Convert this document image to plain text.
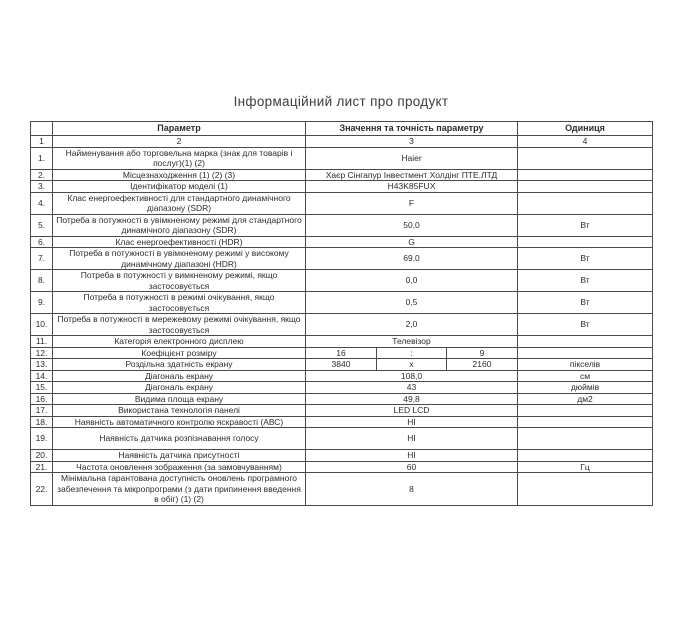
Інформаційний лист про продукт
	Параметр	Значення та точність параметру			Одиниця
1	2	3			4
1.	Найменування або торговельна марка (знак для товарів і послуг)(1) (2)	Haier			
2.	Місцезнаходження (1) (2) (3)	Хаєр Сінгапур Інвестмент Холдінг ПТЕ.ЛТД			
3.	Ідентифікатор моделі (1)	H43K85FUX			
4.	Клас енергоефективності для стандартного динамічного діапазону (SDR)	F			
5.	Потреба в потужності в увімкненому режимі для стандартного динамічного діапазону (SDR)	50,0			Вт
6.	Клас енергоефективності (HDR)	G			
7.	Потреба в потужності в увімкненому режимі у високому динамічному діапазоні (HDR)	69,0			Вт
8.	Потреба в потужності у вимкненому режимі, якщо застосовується	0,0			Вт
9.	Потреба в потужності в режимі очікування, якщо застосовується	0,5			Вт
10.	Потреба в потужності в мережевому режимі очікування, якщо застосовується	2,0			Вт
11.	Категорія електронного дисплею	Телевізор			
12.	Коефіцієнт розміру	16	:	9	
13.	Роздільна здатність екрану	3840	х	2160	пікселів
14.	Діагональ екрану	108,0			см
15.	Діагональ екрану	43			дюймів
16.	Видима площа екрану	49,8			дм2
17.	Використана технологія панелі	LED LCD			
18.	Наявність автоматичного контролю яскравості (АВС)	НІ			
19.	Наявність датчика розпізнавання голосу	НІ			
20.	Наявність датчика присутності	НІ			
21.	Частота оновлення зображення (за замовчуванням)	60			Гц
22.	Мінімальна гарантована доступність оновлень програмного забезпечення та мікропрограми (з дати припинення введення в обіг) (1) (2)	8			
